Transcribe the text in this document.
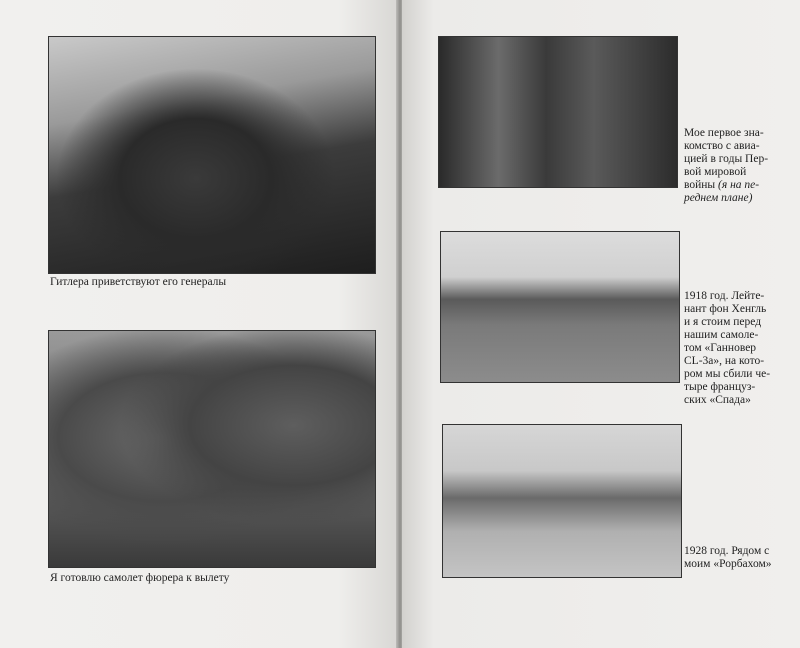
Гитлера приветствуют его генералы
Я готовлю самолет фюрера к вылету
Мое первое зна-
комство с авиа-
цией в годы Пер-
вой мировой
войны (я на пе-
реднем плане)
1918 год. Лейте-
нант фон Хенгль
и я стоим перед
нашим самоле-
том «Ганновер
CL-3а», на кото-
ром мы сбили че-
тыре француз-
ских «Спада»
1928 год. Рядом с
моим «Рорбахом»
